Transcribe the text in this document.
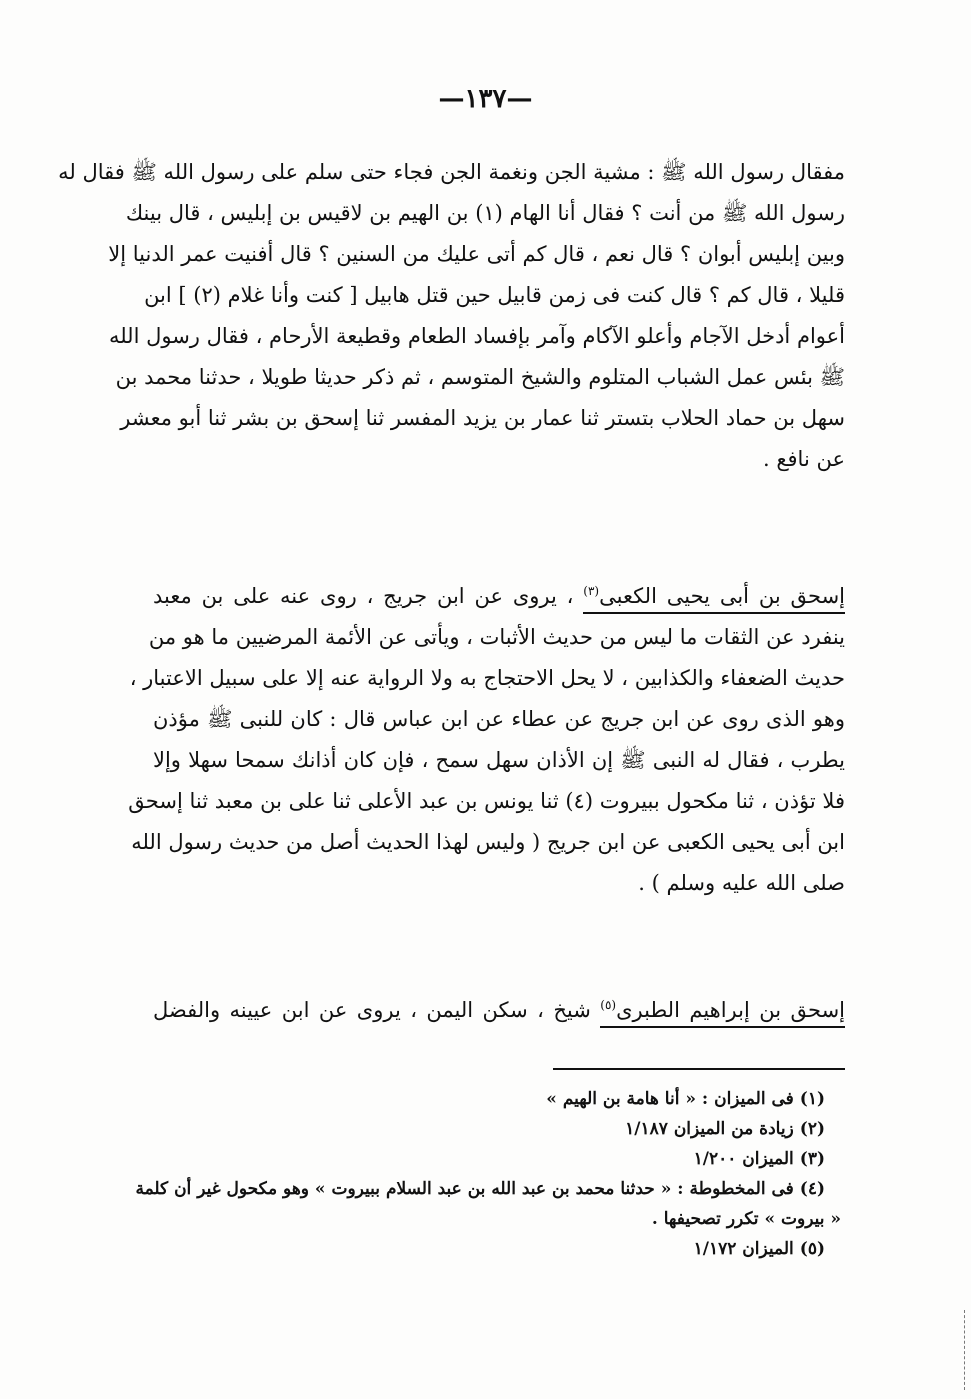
—١٣٧—
مفقال رسول الله ﷺ : مشية الجن ونغمة الجن فجاء حتى سلم على رسول الله ﷺ فقال له
رسول الله ﷺ من أنت ؟ فقال أنا الهام (١) بن الهيم بن لاقيس بن إبليس ، قال بينك
وبين إبليس أبوان ؟ قال نعم ، قال كم أتى عليك من السنين ؟ قال أفنيت عمر الدنيا إلا
قليلا ، قال كم ؟ قال كنت فى زمن قابيل حين قتل هابيل [ كنت وأنا غلام (٢) ] ابن
أعوام أدخل الآجام وأعلو الآكام وآمر بإفساد الطعام وقطيعة الأرحام ، فقال رسول الله
ﷺ بئس عمل الشباب المتلوم والشيخ المتوسم ، ثم ذكر حديثا طويلا ، حدثنا محمد بن
سهل بن حماد الحلاب بتستر ثنا عمار بن يزيد المفسر ثنا إسحق بن بشر ثنا أبو معشر
عن نافع .
إسحق بن أبى يحيى الكعبى$^{(٣)}$ ، يروى عن ابن جريج ، روى عنه على بن معبد
ينفرد عن الثقات ما ليس من حديث الأثبات ، ويأتى عن الأئمة المرضيين ما هو من
حديث الضعفاء والكذابين ، لا يحل الاحتجاج به ولا الرواية عنه إلا على سبيل الاعتبار ،
وهو الذى روى عن ابن جريج عن عطاء عن ابن عباس قال : كان للنبى ﷺ مؤذن
يطرب ، فقال له النبى ﷺ إن الأذان سهل سمح ، فإن كان أذانك سمحا سهلا وإلا
فلا تؤذن ، ثنا مكحول ببيروت (٤) ثنا يونس بن عبد الأعلى ثنا على بن معبد ثنا إسحق
ابن أبى يحيى الكعبى عن ابن جريج ( وليس لهذا الحديث أصل من حديث رسول الله
صلى الله عليه وسلم ) .
إسحق بن إبراهيم الطبرى$^{(٥)}$ شيخ ، سكن اليمن ، يروى عن ابن عيينه والفضل
(١)فى الميزان : « أنا هامة بن الهيم »
(٢)زيادة من الميزان ١/١٨٧
(٣)الميزان ١/٢٠٠
(٤)فى المخطوطة : « حدثنا محمد بن عبد الله بن عبد السلام ببيروت » وهو مكحول غير أن كلمة
« بيروت » تكرر تصحيفها .
(٥)الميزان ١/١٧٢
